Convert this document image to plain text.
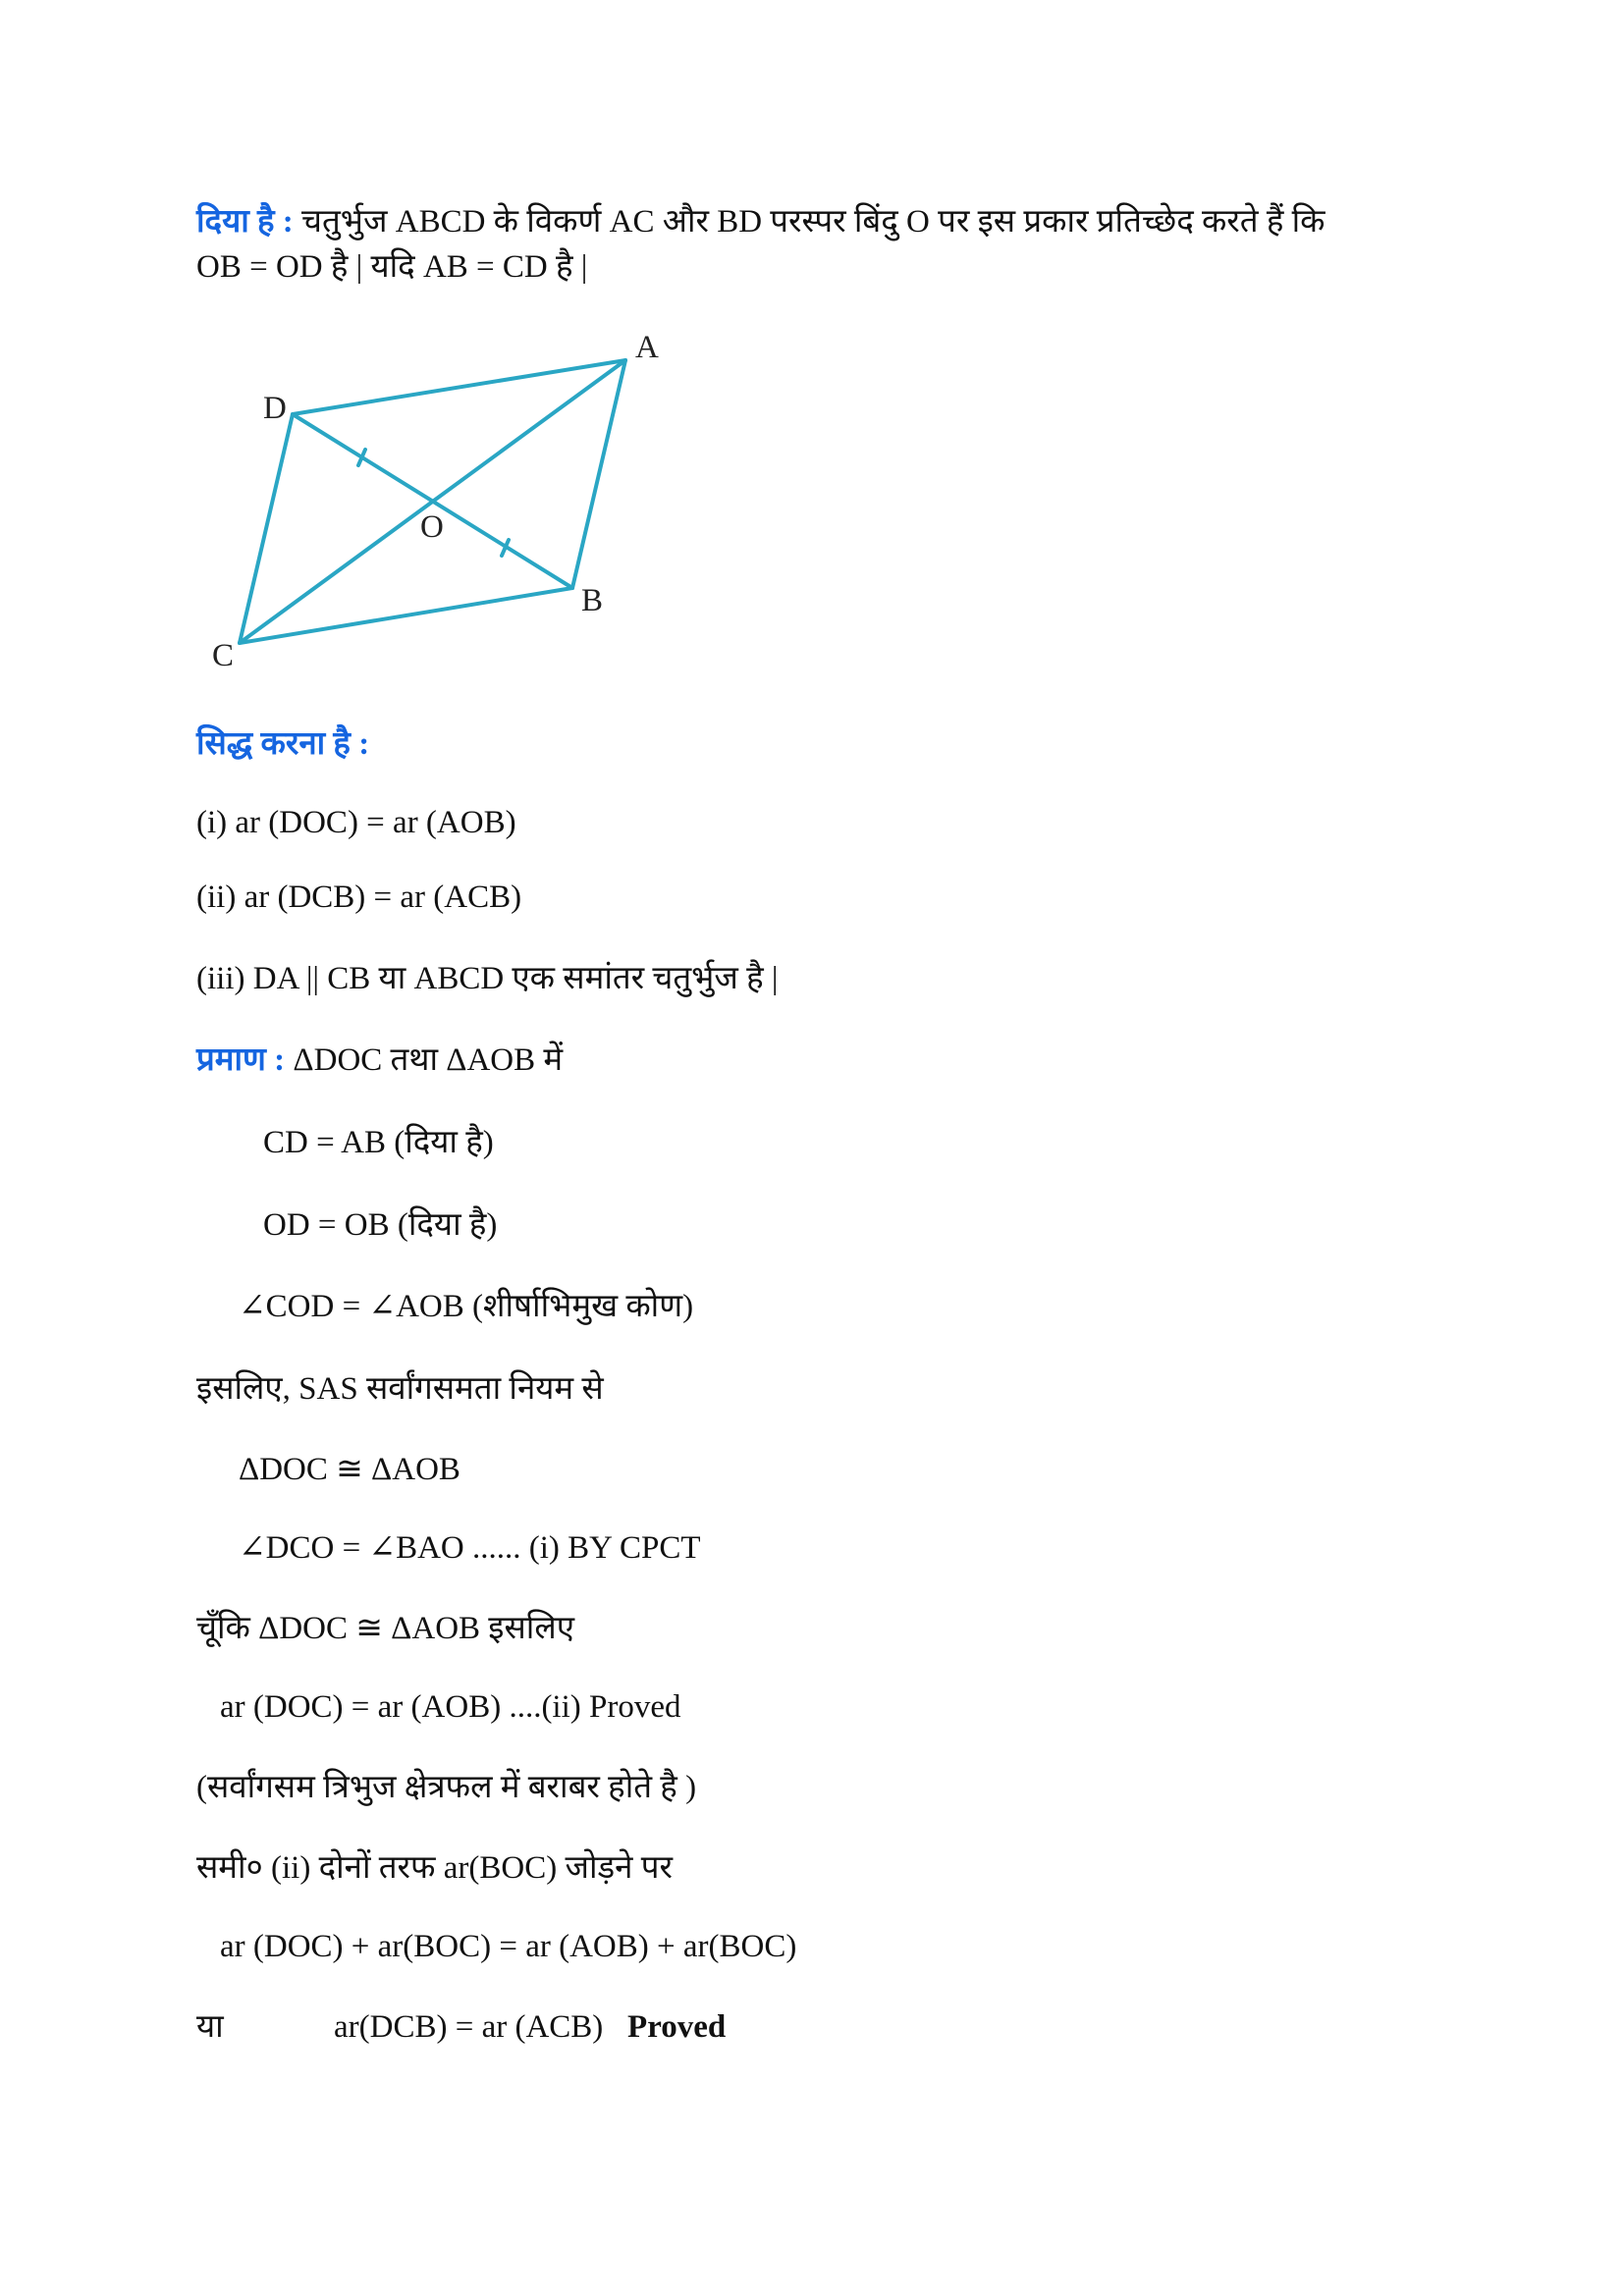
दिया है : चतुर्भुज ABCD के विकर्ण AC और BD परस्पर बिंदु O पर इस प्रकार प्रतिच्छेद करते हैं कि
OB = OD है | यदि AB = CD है |
A
D
O
B
C
सिद्ध करना है :
(i) ar (DOC) = ar (AOB)
(ii) ar (DCB) = ar (ACB)
(iii) DA || CB या ABCD एक समांतर चतुर्भुज है |
प्रमाण : ΔDOC तथा ΔAOB में
CD = AB (दिया है)
OD = OB (दिया है)
∠COD = ∠AOB (शीर्षाभिमुख कोण)
इसलिए, SAS सर्वांगसमता नियम से
ΔDOC ≅ ΔAOB
∠DCO = ∠BAO ...... (i) BY CPCT
चूँकि ΔDOC ≅ ΔAOB इसलिए
ar (DOC) = ar (AOB) ....(ii) Proved
(सर्वांगसम त्रिभुज क्षेत्रफल में बराबर होते है )
समी० (ii) दोनों तरफ ar(BOC) जोड़ने पर
ar (DOC) + ar(BOC) = ar (AOB) + ar(BOC)
या	ar(DCB) = ar (ACB) Proved
